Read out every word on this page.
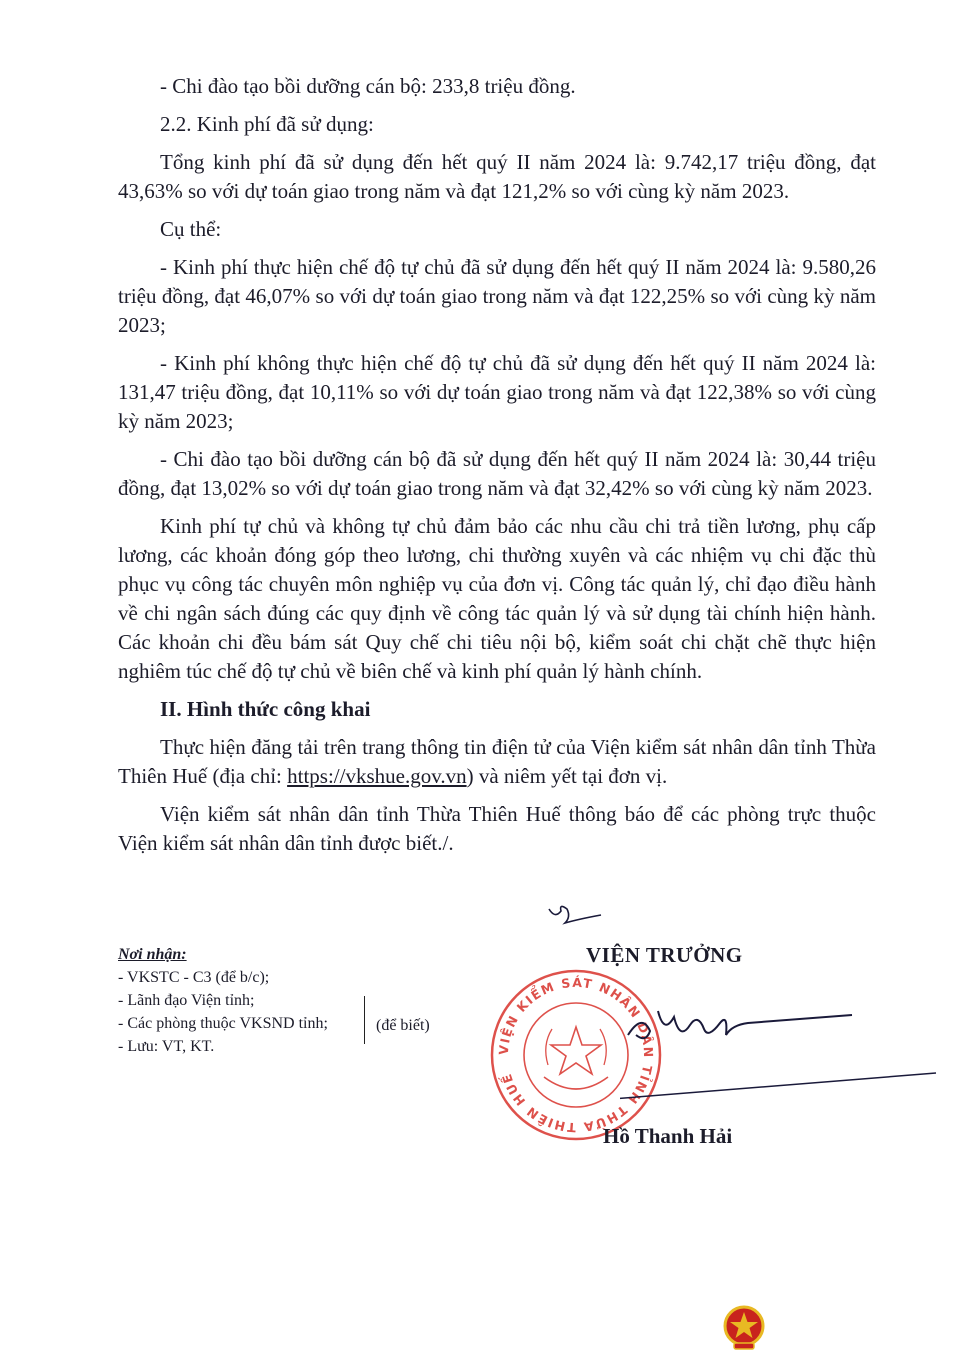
- Chi đào tạo bồi dưỡng cán bộ: 233,8 triệu đồng.

2.2. Kinh phí đã sử dụng:

Tổng kinh phí đã sử dụng đến hết quý II năm 2024 là: 9.742,17 triệu đồng, đạt 43,63% so với dự toán giao trong năm và đạt 121,2% so với cùng kỳ năm 2023.

Cụ thể:

- Kinh phí thực hiện chế độ tự chủ đã sử dụng đến hết quý II năm 2024 là: 9.580,26 triệu đồng, đạt 46,07% so với dự toán giao trong năm và đạt 122,25% so với cùng kỳ năm 2023;

- Kinh phí không thực hiện chế độ tự chủ đã sử dụng đến hết quý II năm 2024 là: 131,47 triệu đồng, đạt 10,11% so với dự toán giao trong năm và đạt 122,38% so với cùng kỳ năm 2023;

- Chi đào tạo bồi dưỡng cán bộ đã sử dụng đến hết quý II năm 2024 là: 30,44 triệu đồng, đạt 13,02% so với dự toán giao trong năm và đạt 32,42% so với cùng kỳ năm 2023.

Kinh phí tự chủ và không tự chủ đảm bảo các nhu cầu chi trả tiền lương, phụ cấp lương, các khoản đóng góp theo lương, chi thường xuyên và các nhiệm vụ chi đặc thù phục vụ công tác chuyên môn nghiệp vụ của đơn vị. Công tác quản lý, chỉ đạo điều hành về chi ngân sách đúng các quy định về công tác quản lý và sử dụng tài chính hiện hành. Các khoản chi đều bám sát Quy chế chi tiêu nội bộ, kiểm soát chi chặt chẽ thực hiện nghiêm túc chế độ tự chủ về biên chế và kinh phí quản lý hành chính.

II. Hình thức công khai

Thực hiện đăng tải trên trang thông tin điện tử của Viện kiểm sát nhân dân tỉnh Thừa Thiên Huế (địa chỉ: https://vkshue.gov.vn) và niêm yết tại đơn vị.

Viện kiểm sát nhân dân tỉnh Thừa Thiên Huế thông báo để các phòng trực thuộc Viện kiểm sát nhân dân tỉnh được biết./.

Nơi nhận:
- VKSTC - C3 (để b/c);
- Lãnh đạo Viện tỉnh;
- Các phòng thuộc VKSND tỉnh;
- Lưu: VT, KT.
(để biết)
VIỆN KIỂM SÁT NHÂN DÂN TỈNH THỪA THIÊN HUẾ
VIỆN TRƯỞNG
Hồ Thanh Hải
